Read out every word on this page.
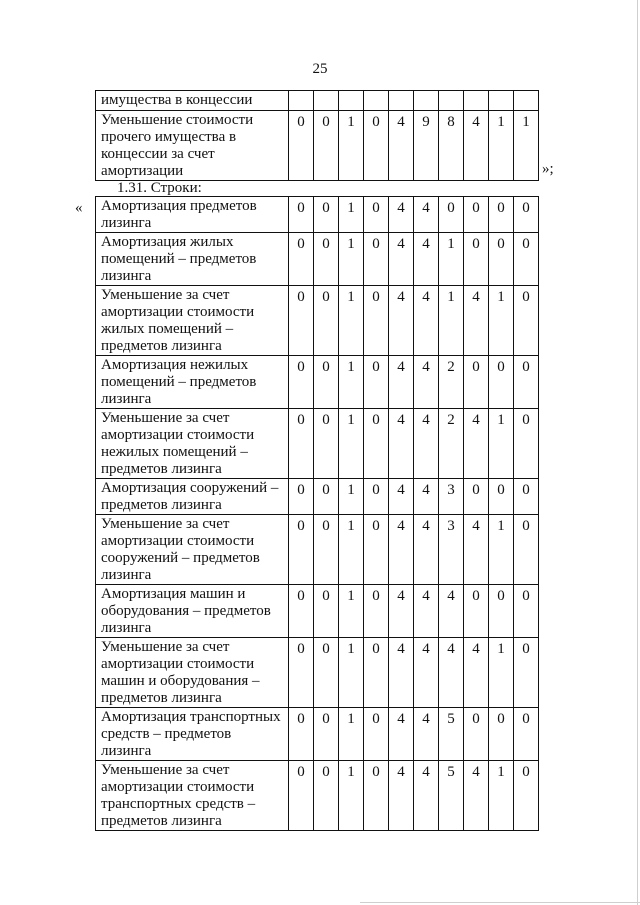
25
имущества в концессии										
Уменьшение стоимости прочего имущества в концессии за счет амортизации	0	0	1	0	4	9	8	4	1	1
»;
1.31. Строки:
« Амортизация предметов лизинга	0	0	1	0	4	4	0	0	0	0
Амортизация жилых помещений – предметов лизинга	0	0	1	0	4	4	1	0	0	0
Уменьшение за счет амортизации стоимости жилых помещений – предметов лизинга	0	0	1	0	4	4	1	4	1	0
Амортизация нежилых помещений – предметов лизинга	0	0	1	0	4	4	2	0	0	0
Уменьшение за счет амортизации стоимости нежилых помещений – предметов лизинга	0	0	1	0	4	4	2	4	1	0
Амортизация сооружений – предметов лизинга	0	0	1	0	4	4	3	0	0	0
Уменьшение за счет амортизации стоимости сооружений – предметов лизинга	0	0	1	0	4	4	3	4	1	0
Амортизация машин и оборудования – предметов лизинга	0	0	1	0	4	4	4	0	0	0
Уменьшение за счет амортизации стоимости машин и оборудования – предметов лизинга	0	0	1	0	4	4	4	4	1	0
Амортизация транспортных средств – предметов лизинга	0	0	1	0	4	4	5	0	0	0
Уменьшение за счет амортизации стоимости транспортных средств – предметов лизинга	0	0	1	0	4	4	5	4	1	0
